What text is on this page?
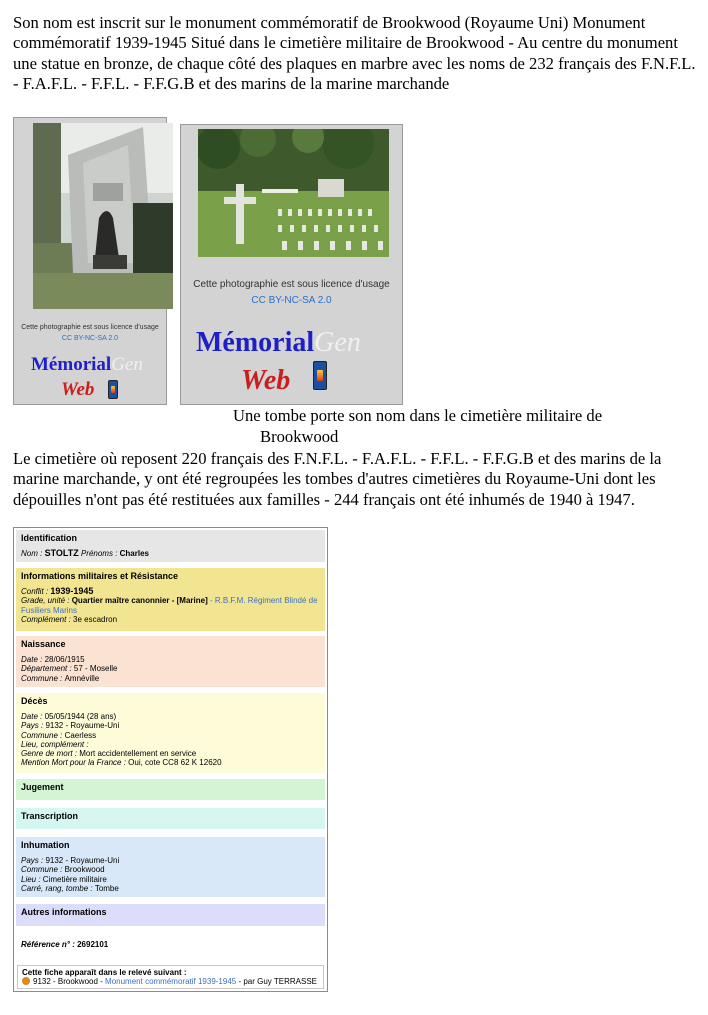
Son nom est inscrit sur le monument commémoratif de Brookwood (Royaume Uni) Monument commémoratif 1939-1945 Situé dans le cimetière militaire de Brookwood - Au centre du monument une statue en bronze, de chaque côté des plaques en marbre avec les noms de 232 français des F.N.F.L. - F.A.F.L. - F.F.L. - F.F.G.B et des marins de la marine marchande

Cette photographie est sous licence d'usage
CC BY-NC-SA 2.0
MémorialGen
Web
Cette photographie est sous licence d'usage
CC BY-NC-SA 2.0
MémorialGen
Web
Une tombe porte son nom dans le cimetière militaire de
Brookwood

Le cimetière où reposent 220 français des F.N.F.L. - F.A.F.L. - F.F.L. - F.F.G.B et des marins de la marine marchande, y ont été regroupées les tombes d'autres cimetières du Royaume-Uni dont les dépouilles n'ont pas été restituées aux familles - 244 français ont été inhumés de 1940 à 1947.

Identification
Nom : STOLTZ Prénoms : Charles
Informations militaires et Résistance
Conflit : 1939-1945
Grade, unité : Quartier maître canonnier - [Marine] - R.B.F.M. Régiment Blindé de
Fusiliers Marins
Complément : 3e escadron
Naissance
Date : 28/06/1915
Département : 57 - Moselle
Commune : Amnéville
Décès
Date : 05/05/1944 (28 ans)
Pays : 9132 - Royaume-Uni
Commune : Caerless
Lieu, complément :
Genre de mort : Mort accidentellement en service
Mention Mort pour la France : Oui, cote CC8 62 K 12620
Jugement
Transcription
Inhumation
Pays : 9132 - Royaume-Uni
Commune : Brookwood
Lieu : Cimetière militaire
Carré, rang, tombe : Tombe
Autres informations
Référence n° : 2692101
Cette fiche apparaît dans le relevé suivant :
9132 - Brookwood - Monument commémoratif 1939-1945 - par Guy TERRASSE
